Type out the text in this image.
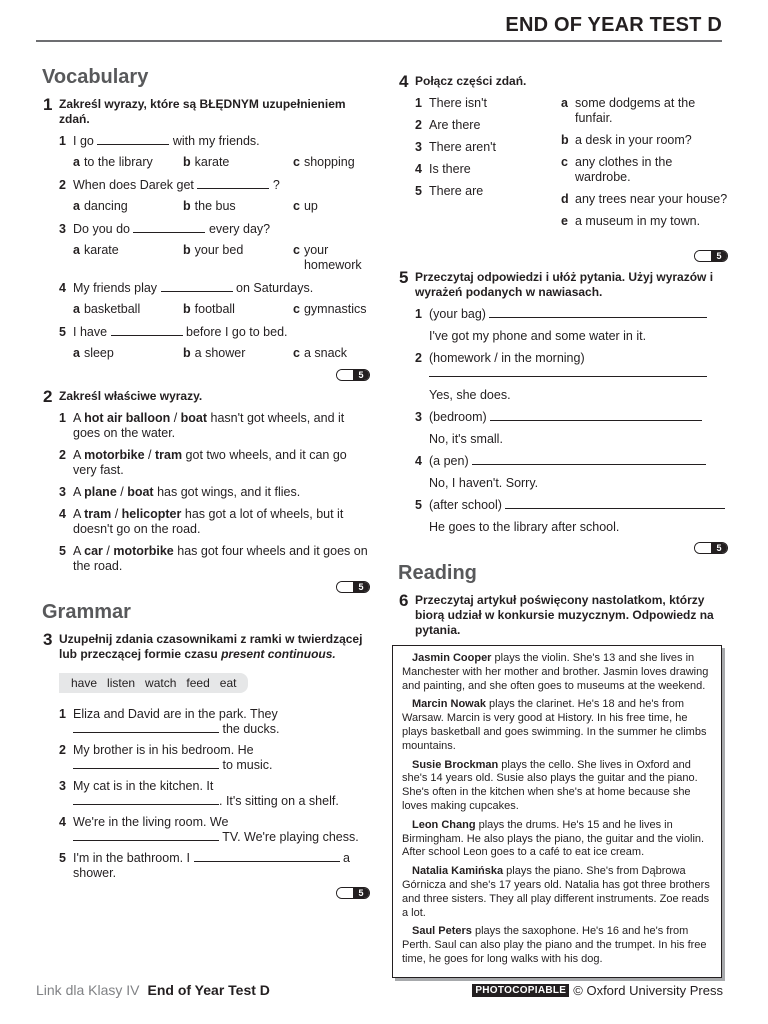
END OF YEAR TEST D
Vocabulary
1 Zakreśl wyrazy, które są BŁĘDNYM uzupełnieniem zdań.
1 I go	with my friends.
a to the library b karate	c shopping
2 When does Darek get	?
a dancing	b the bus	c up
3 Do you do	every day?
a karate	b your bed	c your homework
4 My friends play	on Saturdays.
a basketball	b football	c gymnastics
5 I have	before I go to bed.
a sleep	b a shower	c a snack
5
2 Zakreśl właściwe wyrazy.
1 A hot air balloon / boat hasn't got wheels, and it goes on the water.
2 A motorbike / tram got two wheels, and it can go very fast.
3 A plane / boat has got wings, and it flies.
4 A tram / helicopter has got a lot of wheels, but it doesn't go on the road.
5 A car / motorbike has got four wheels and it goes on the road.
5
Grammar
3 Uzupełnij zdania czasownikami z ramki w twierdzącej lub przeczącej formie czasu present continuous.
have listen watch feed eat
1 Eliza and David are in the park. They
the ducks.
2 My brother is in his bedroom. He
to music.
3 My cat is in the kitchen. It
. It's sitting on a shelf.
4 We're in the living room. We
TV. We're playing chess.
5 I'm in the bathroom. I	a
shower.
5
4 Połącz części zdań.
1 There isn't
2 Are there
3 There aren't
4 Is there
5 There are
a some dodgems at the funfair.
b a desk in your room?
c any clothes in the wardrobe.
d any trees near your house?
e a museum in my town.
5
5 Przeczytaj odpowiedzi i ułóż pytania. Użyj wyrazów i wyrażeń podanych w nawiasach.
1 (your bag)
I've got my phone and some water in it.
2 (homework / in the morning)

Yes, she does.
3 (bedroom)
No, it's small.
4 (a pen)
No, I haven't. Sorry.
5 (after school)
He goes to the library after school.
5
Reading
6 Przeczytaj artykuł poświęcony nastolatkom, którzy biorą udział w konkursie muzycznym. Odpowiedz na pytania.
Jasmin Cooper plays the violin. She's 13 and she lives in Manchester with her mother and brother. Jasmin loves drawing and painting, and she often goes to museums at the weekend.
Marcin Nowak plays the clarinet. He's 18 and he's from Warsaw. Marcin is very good at History. In his free time, he plays basketball and goes swimming. In the summer he climbs mountains.
Susie Brockman plays the cello. She lives in Oxford and she's 14 years old. Susie also plays the guitar and the piano. She's often in the kitchen when she's at home because she loves making cupcakes.
Leon Chang plays the drums. He's 15 and he lives in Birmingham. He also plays the piano, the guitar and the violin. After school Leon goes to a café to eat ice cream.
Natalia Kamińska plays the piano. She's from Dąbrowa Górnicza and she's 17 years old. Natalia has got three brothers and three sisters. They all play different instruments. Zoe reads a lot.
Saul Peters plays the saxophone. He's 16 and he's from Perth. Saul can also play the piano and the trumpet. In his free time, he goes for long walks with his dog.
Link dla Klasy IV End of Year Test D	PHOTOCOPIABLE © Oxford University Press
